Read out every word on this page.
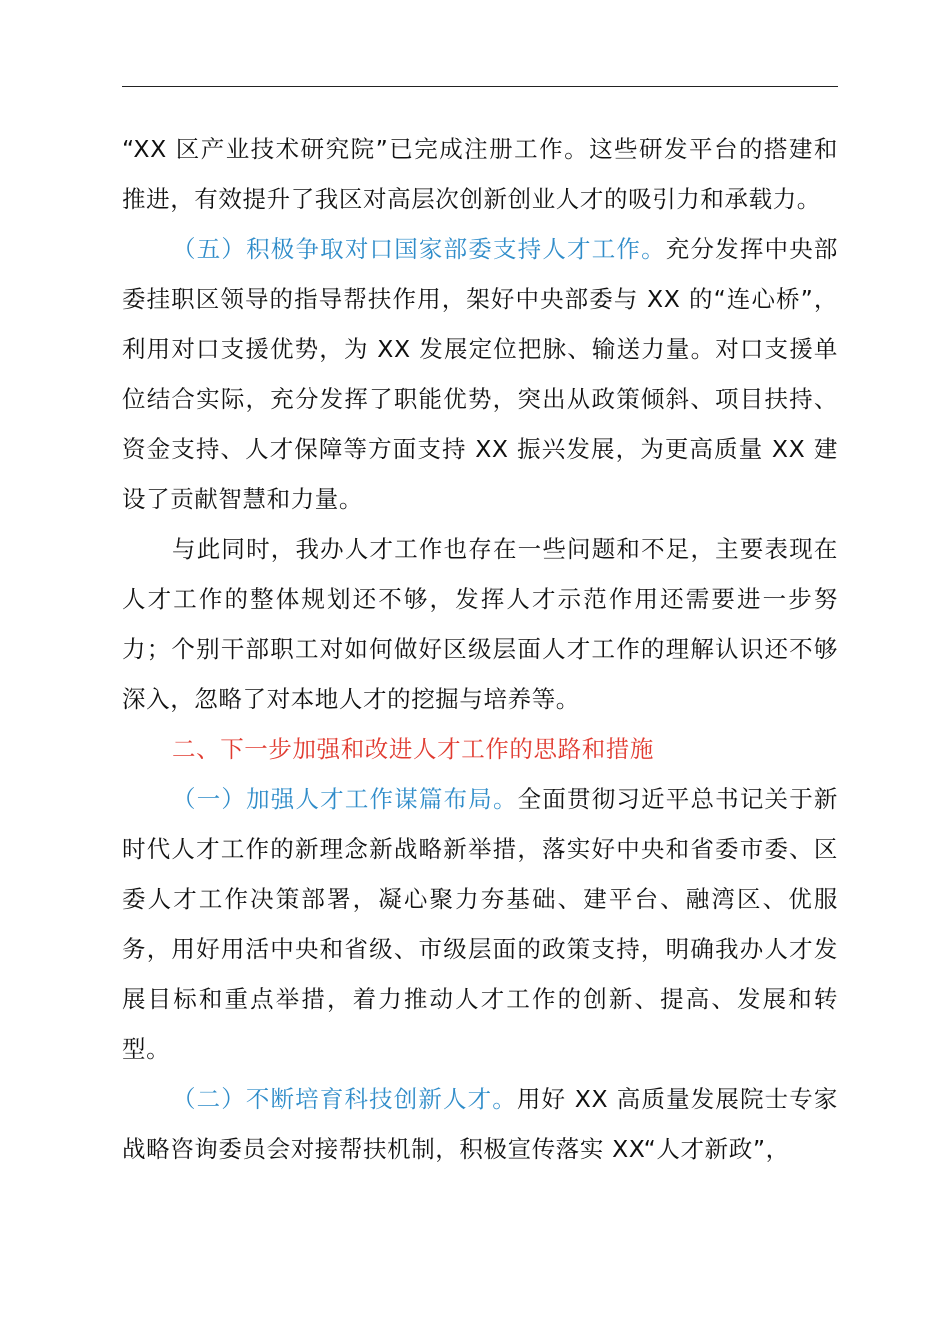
“XX 区产业技术研究院”已完成注册工作。这些研发平台的搭建和推进，有效提升了我区对高层次创新创业人才的吸引力和承载力。

（五）积极争取对口国家部委支持人才工作。充分发挥中央部委挂职区领导的指导帮扶作用，架好中央部委与 XX 的“连心桥”，利用对口支援优势，为 XX 发展定位把脉、输送力量。对口支援单位结合实际，充分发挥了职能优势，突出从政策倾斜、项目扶持、资金支持、人才保障等方面支持 XX 振兴发展，为更高质量 XX 建设了贡献智慧和力量。

与此同时，我办人才工作也存在一些问题和不足，主要表现在人才工作的整体规划还不够，发挥人才示范作用还需要进一步努力；个别干部职工对如何做好区级层面人才工作的理解认识还不够深入，忽略了对本地人才的挖掘与培养等。

二、下一步加强和改进人才工作的思路和措施

（一）加强人才工作谋篇布局。全面贯彻习近平总书记关于新时代人才工作的新理念新战略新举措，落实好中央和省委市委、区委人才工作决策部署，凝心聚力夯基础、建平台、融湾区、优服务，用好用活中央和省级、市级层面的政策支持，明确我办人才发展目标和重点举措，着力推动人才工作的创新、提高、发展和转型。

（二）不断培育科技创新人才。用好 XX 高质量发展院士专家战略咨询委员会对接帮扶机制，积极宣传落实 XX“人才新政”，
